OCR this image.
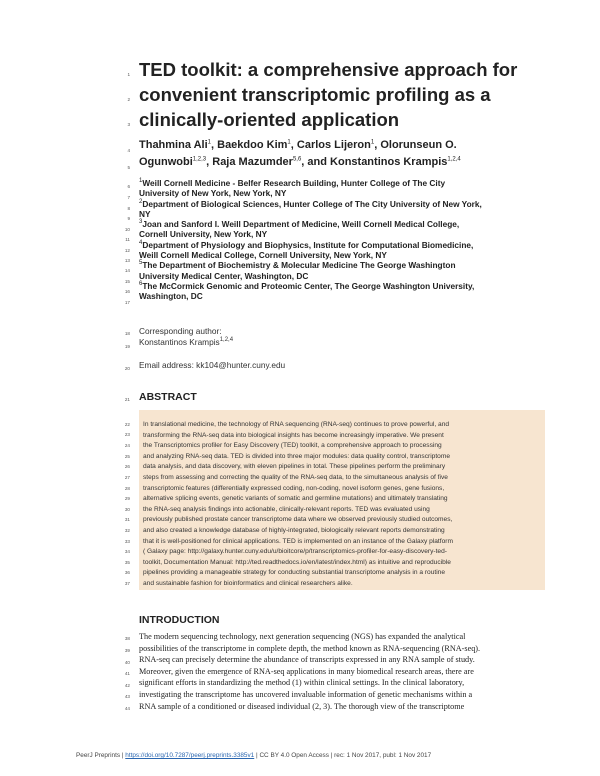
1
2
3
4
5
6
7
8
9
10
11
12
13
14
15
16
17
18
19
20
21
22
23
24
25
26
27
28
29
30
31
32
33
34
35
36
37
38
39
40
41
42
43
44
TED toolkit: a comprehensive approach for
convenient transcriptomic profiling as a
clinically-oriented application
Thahmina Ali$^1$, Baekdoo Kim$^1$, Carlos Lijeron$^1$, Olorunseun O.
Ogunwobi$^{1,2,3}$, Raja Mazumder$^{5,6}$, and Konstantinos Krampis$^{1,2,4}$
$^1$Weill Cornell Medicine - Belfer Research Building, Hunter College of The City
University of New York, New York, NY
$^2$Department of Biological Sciences, Hunter College of The City University of New York,
NY
$^3$Joan and Sanford I. Weill Department of Medicine, Weill Cornell Medical College,
Cornell University, New York, NY
$^4$Department of Physiology and Biophysics, Institute for Computational Biomedicine,
Weill Cornell Medical College, Cornell University, New York, NY
$^5$The Department of Biochemistry & Molecular Medicine The George Washington
University Medical Center, Washington, DC
$^6$The McCormick Genomic and Proteomic Center, The George Washington University,
Washington, DC
Corresponding author:
Konstantinos Krampis$^{1,2,4}$
Email address: kk104@hunter.cuny.edu
ABSTRACT
In translational medicine, the technology of RNA sequencing (RNA-seq) continues to prove powerful, and
transforming the RNA-seq data into biological insights has become increasingly imperative. We present
the Transcriptomics profiler for Easy Discovery (TED) toolkit, a comprehensive approach to processing
and analyzing RNA-seq data. TED is divided into three major modules: data quality control, transcriptome
data analysis, and data discovery, with eleven pipelines in total. These pipelines perform the preliminary
steps from assessing and correcting the quality of the RNA-seq data, to the simultaneous analysis of five
transcriptomic features (differentially expressed coding, non-coding, novel isoform genes, gene fusions,
alternative splicing events, genetic variants of somatic and germline mutations) and ultimately translating
the RNA-seq analysis findings into actionable, clinically-relevant reports. TED was evaluated using
previously published prostate cancer transcriptome data where we observed previously studied outcomes,
and also created a knowledge database of highly-integrated, biologically relevant reports demonstrating
that it is well-positioned for clinical applications. TED is implemented on an instance of the Galaxy platform
( Galaxy page: http://galaxy.hunter.cuny.edu/u/bioitcore/p/transcriptomics-profiler-for-easy-discovery-ted-
toolkit, Documentation Manual: http://ted.readthedocs.io/en/latest/index.html) as intuitive and reproducible
pipelines providing a manageable strategy for conducting substantial transcriptome analysis in a routine
and sustainable fashion for bioinformatics and clinical researchers alike.
INTRODUCTION
The modern sequencing technology, next generation sequencing (NGS) has expanded the analytical
possibilities of the transcriptome in complete depth, the method known as RNA-sequencing (RNA-seq).
RNA-seq can precisely determine the abundance of transcripts expressed in any RNA sample of study.
Moreover, given the emergence of RNA-seq applications in many biomedical research areas, there are
significant efforts in standardizing the method (1) within clinical settings. In the clinical laboratory,
investigating the transcriptome has uncovered invaluable information of genetic mechanisms within a
RNA sample of a conditioned or diseased individual (2, 3). The thorough view of the transcriptome
PeerJ Preprints | https://doi.org/10.7287/peerj.preprints.3385v1 | CC BY 4.0 Open Access | rec: 1 Nov 2017, publ: 1 Nov 2017
